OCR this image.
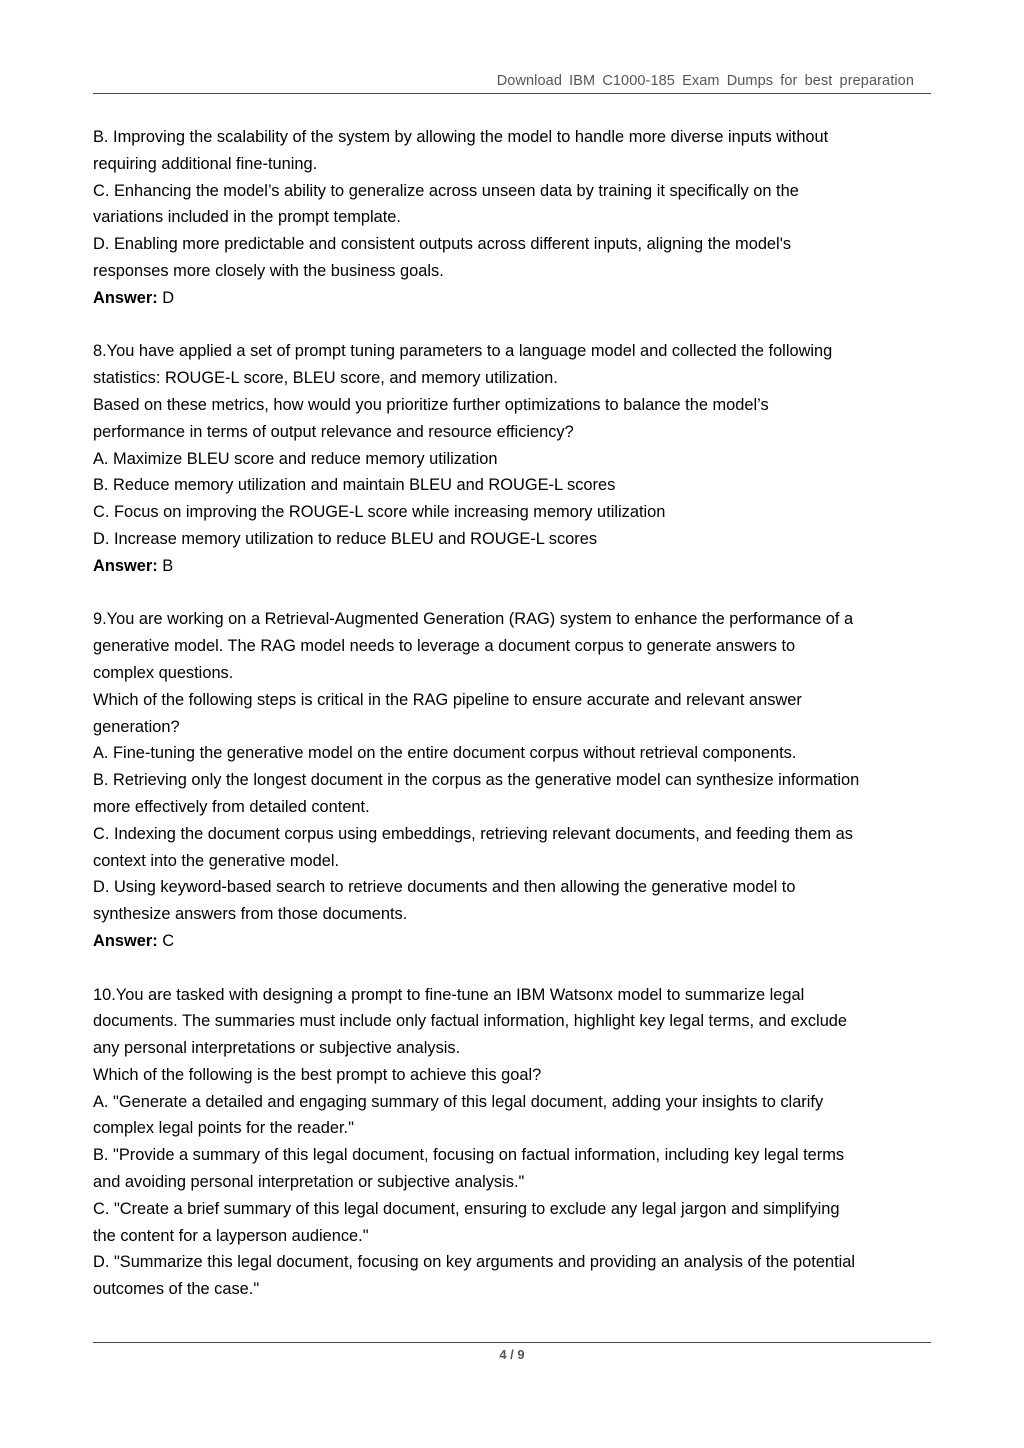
Download IBM C1000-185 Exam Dumps for best preparation

B. Improving the scalability of the system by allowing the model to handle more diverse inputs without
requiring additional fine-tuning.

C. Enhancing the model’s ability to generalize across unseen data by training it specifically on the
variations included in the prompt template.

D. Enabling more predictable and consistent outputs across different inputs, aligning the model's
responses more closely with the business goals.

Answer: D

8.You have applied a set of prompt tuning parameters to a language model and collected the following
statistics: ROUGE-L score, BLEU score, and memory utilization.
Based on these metrics, how would you prioritize further optimizations to balance the model’s
performance in terms of output relevance and resource efficiency?

A. Maximize BLEU score and reduce memory utilization

B. Reduce memory utilization and maintain BLEU and ROUGE-L scores

C. Focus on improving the ROUGE-L score while increasing memory utilization

D. Increase memory utilization to reduce BLEU and ROUGE-L scores

Answer: B

9.You are working on a Retrieval-Augmented Generation (RAG) system to enhance the performance of a
generative model. The RAG model needs to leverage a document corpus to generate answers to
complex questions.
Which of the following steps is critical in the RAG pipeline to ensure accurate and relevant answer
generation?

A. Fine-tuning the generative model on the entire document corpus without retrieval components.

B. Retrieving only the longest document in the corpus as the generative model can synthesize information
more effectively from detailed content.

C. Indexing the document corpus using embeddings, retrieving relevant documents, and feeding them as
context into the generative model.

D. Using keyword-based search to retrieve documents and then allowing the generative model to
synthesize answers from those documents.

Answer: C

10.You are tasked with designing a prompt to fine-tune an IBM Watsonx model to summarize legal
documents. The summaries must include only factual information, highlight key legal terms, and exclude
any personal interpretations or subjective analysis.
Which of the following is the best prompt to achieve this goal?

A. "Generate a detailed and engaging summary of this legal document, adding your insights to clarify
complex legal points for the reader."

B. "Provide a summary of this legal document, focusing on factual information, including key legal terms
and avoiding personal interpretation or subjective analysis."

C. "Create a brief summary of this legal document, ensuring to exclude any legal jargon and simplifying
the content for a layperson audience."

D. "Summarize this legal document, focusing on key arguments and providing an analysis of the potential
outcomes of the case."

4 / 9
